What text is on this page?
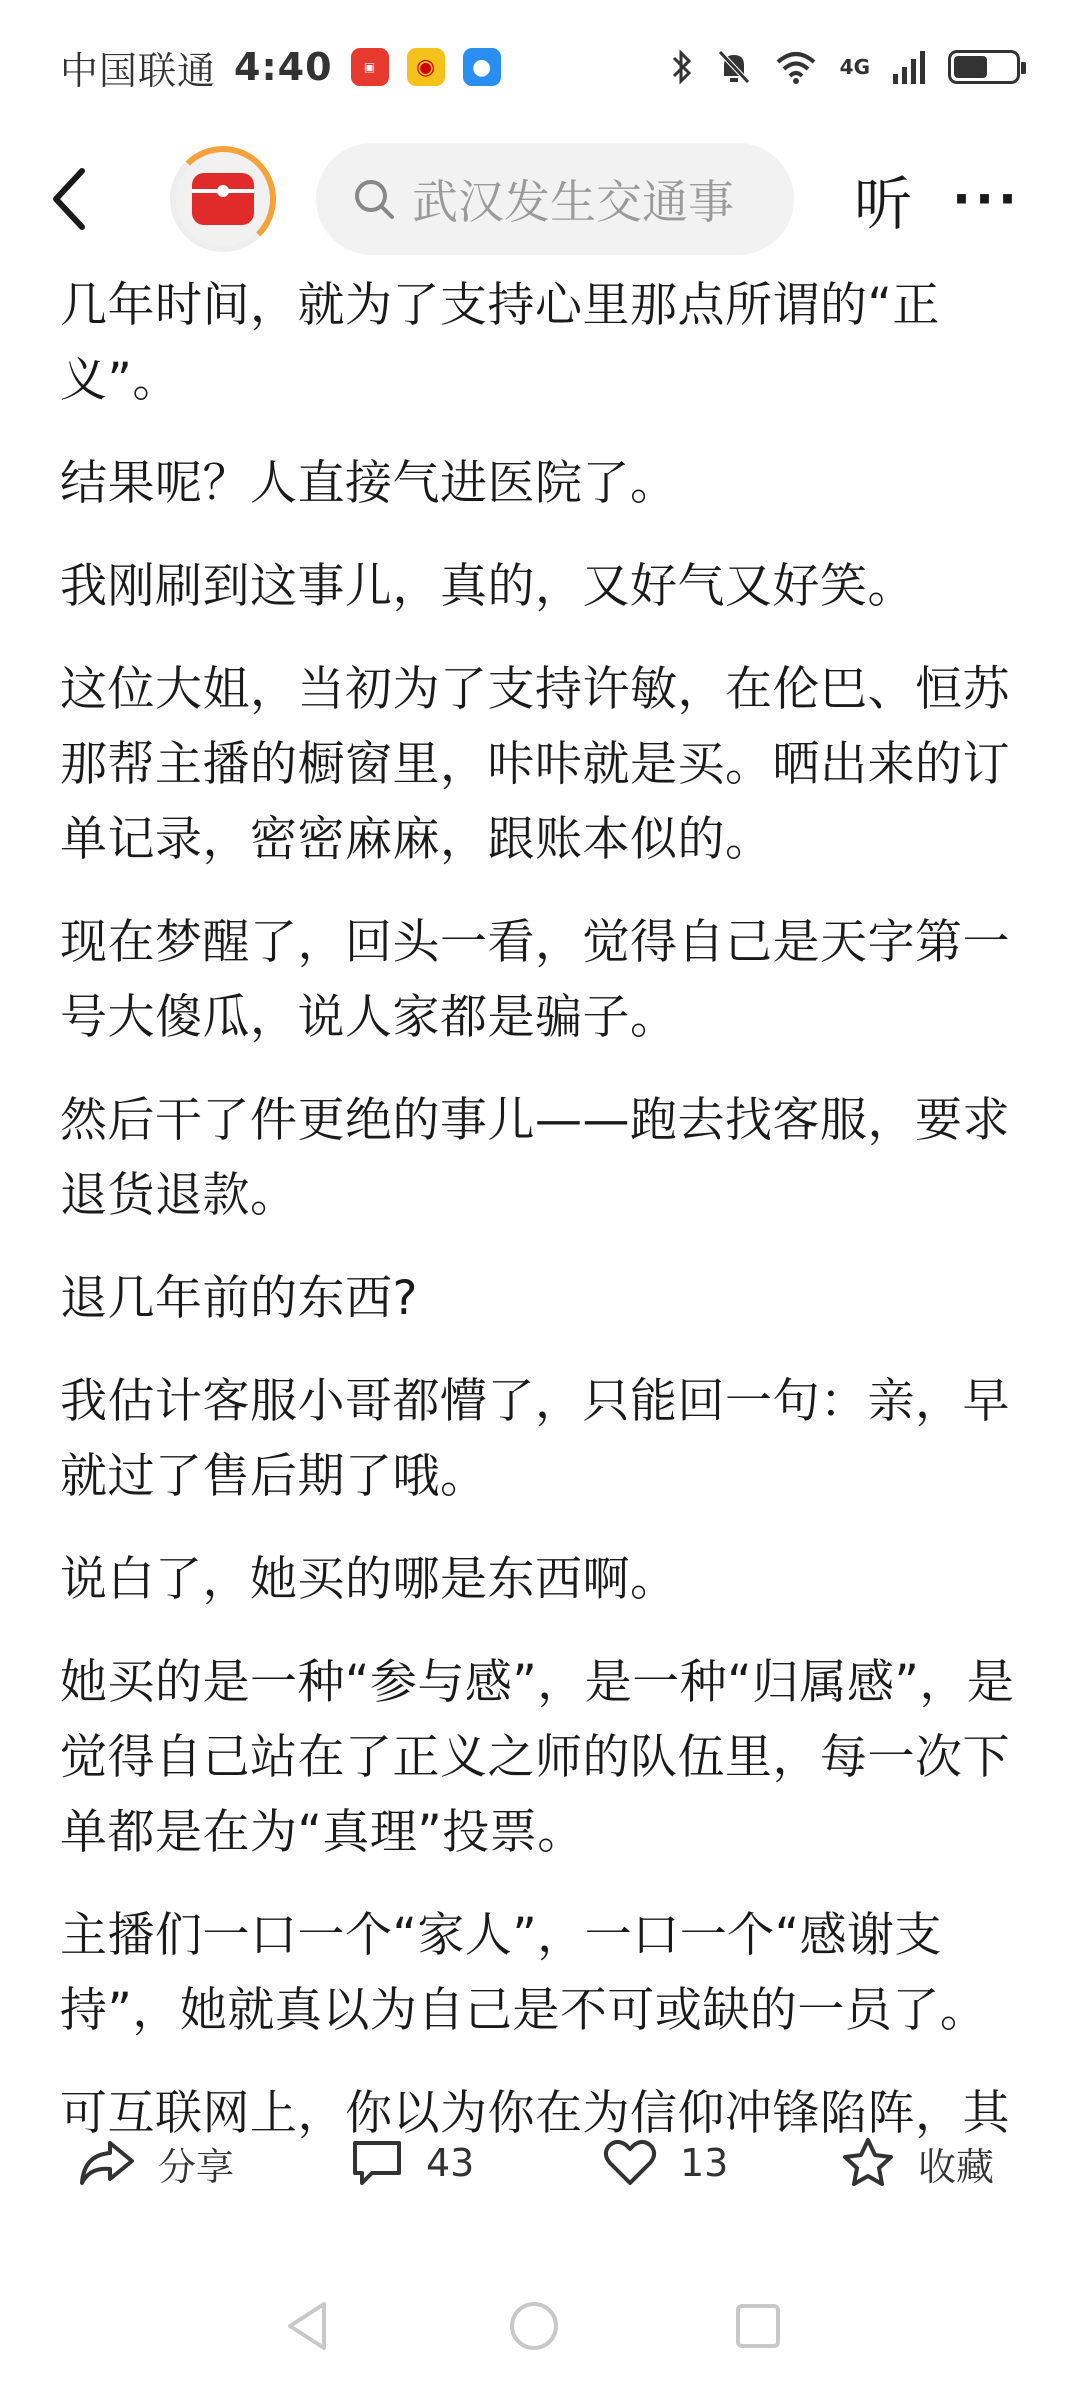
中国联通 4:40	▣	◉	●	4G
武汉发生交通事 听 ···

几年时间，就为了支持心里那点所谓的“正义”。

结果呢？人直接气进医院了。

我刚刷到这事儿，真的，又好气又好笑。

这位大姐，当初为了支持许敏，在伦巴、恒苏那帮主播的橱窗里，咔咔就是买。晒出来的订单记录，密密麻麻，跟账本似的。

现在梦醒了，回头一看，觉得自己是天字第一号大傻瓜，说人家都是骗子。

然后干了件更绝的事儿——跑去找客服，要求退货退款。

退几年前的东西?

我估计客服小哥都懵了，只能回一句：亲，早就过了售后期了哦。

说白了，她买的哪是东西啊。

她买的是一种“参与感”，是一种“归属感”，是觉得自己站在了正义之师的队伍里，每一次下单都是在为“真理”投票。

主播们一口一个“家人”，一口一个“感谢支持”，她就真以为自己是不可或缺的一员了。

可互联网上，你以为你在为信仰冲锋陷阵，其

分享	43	13	收藏
